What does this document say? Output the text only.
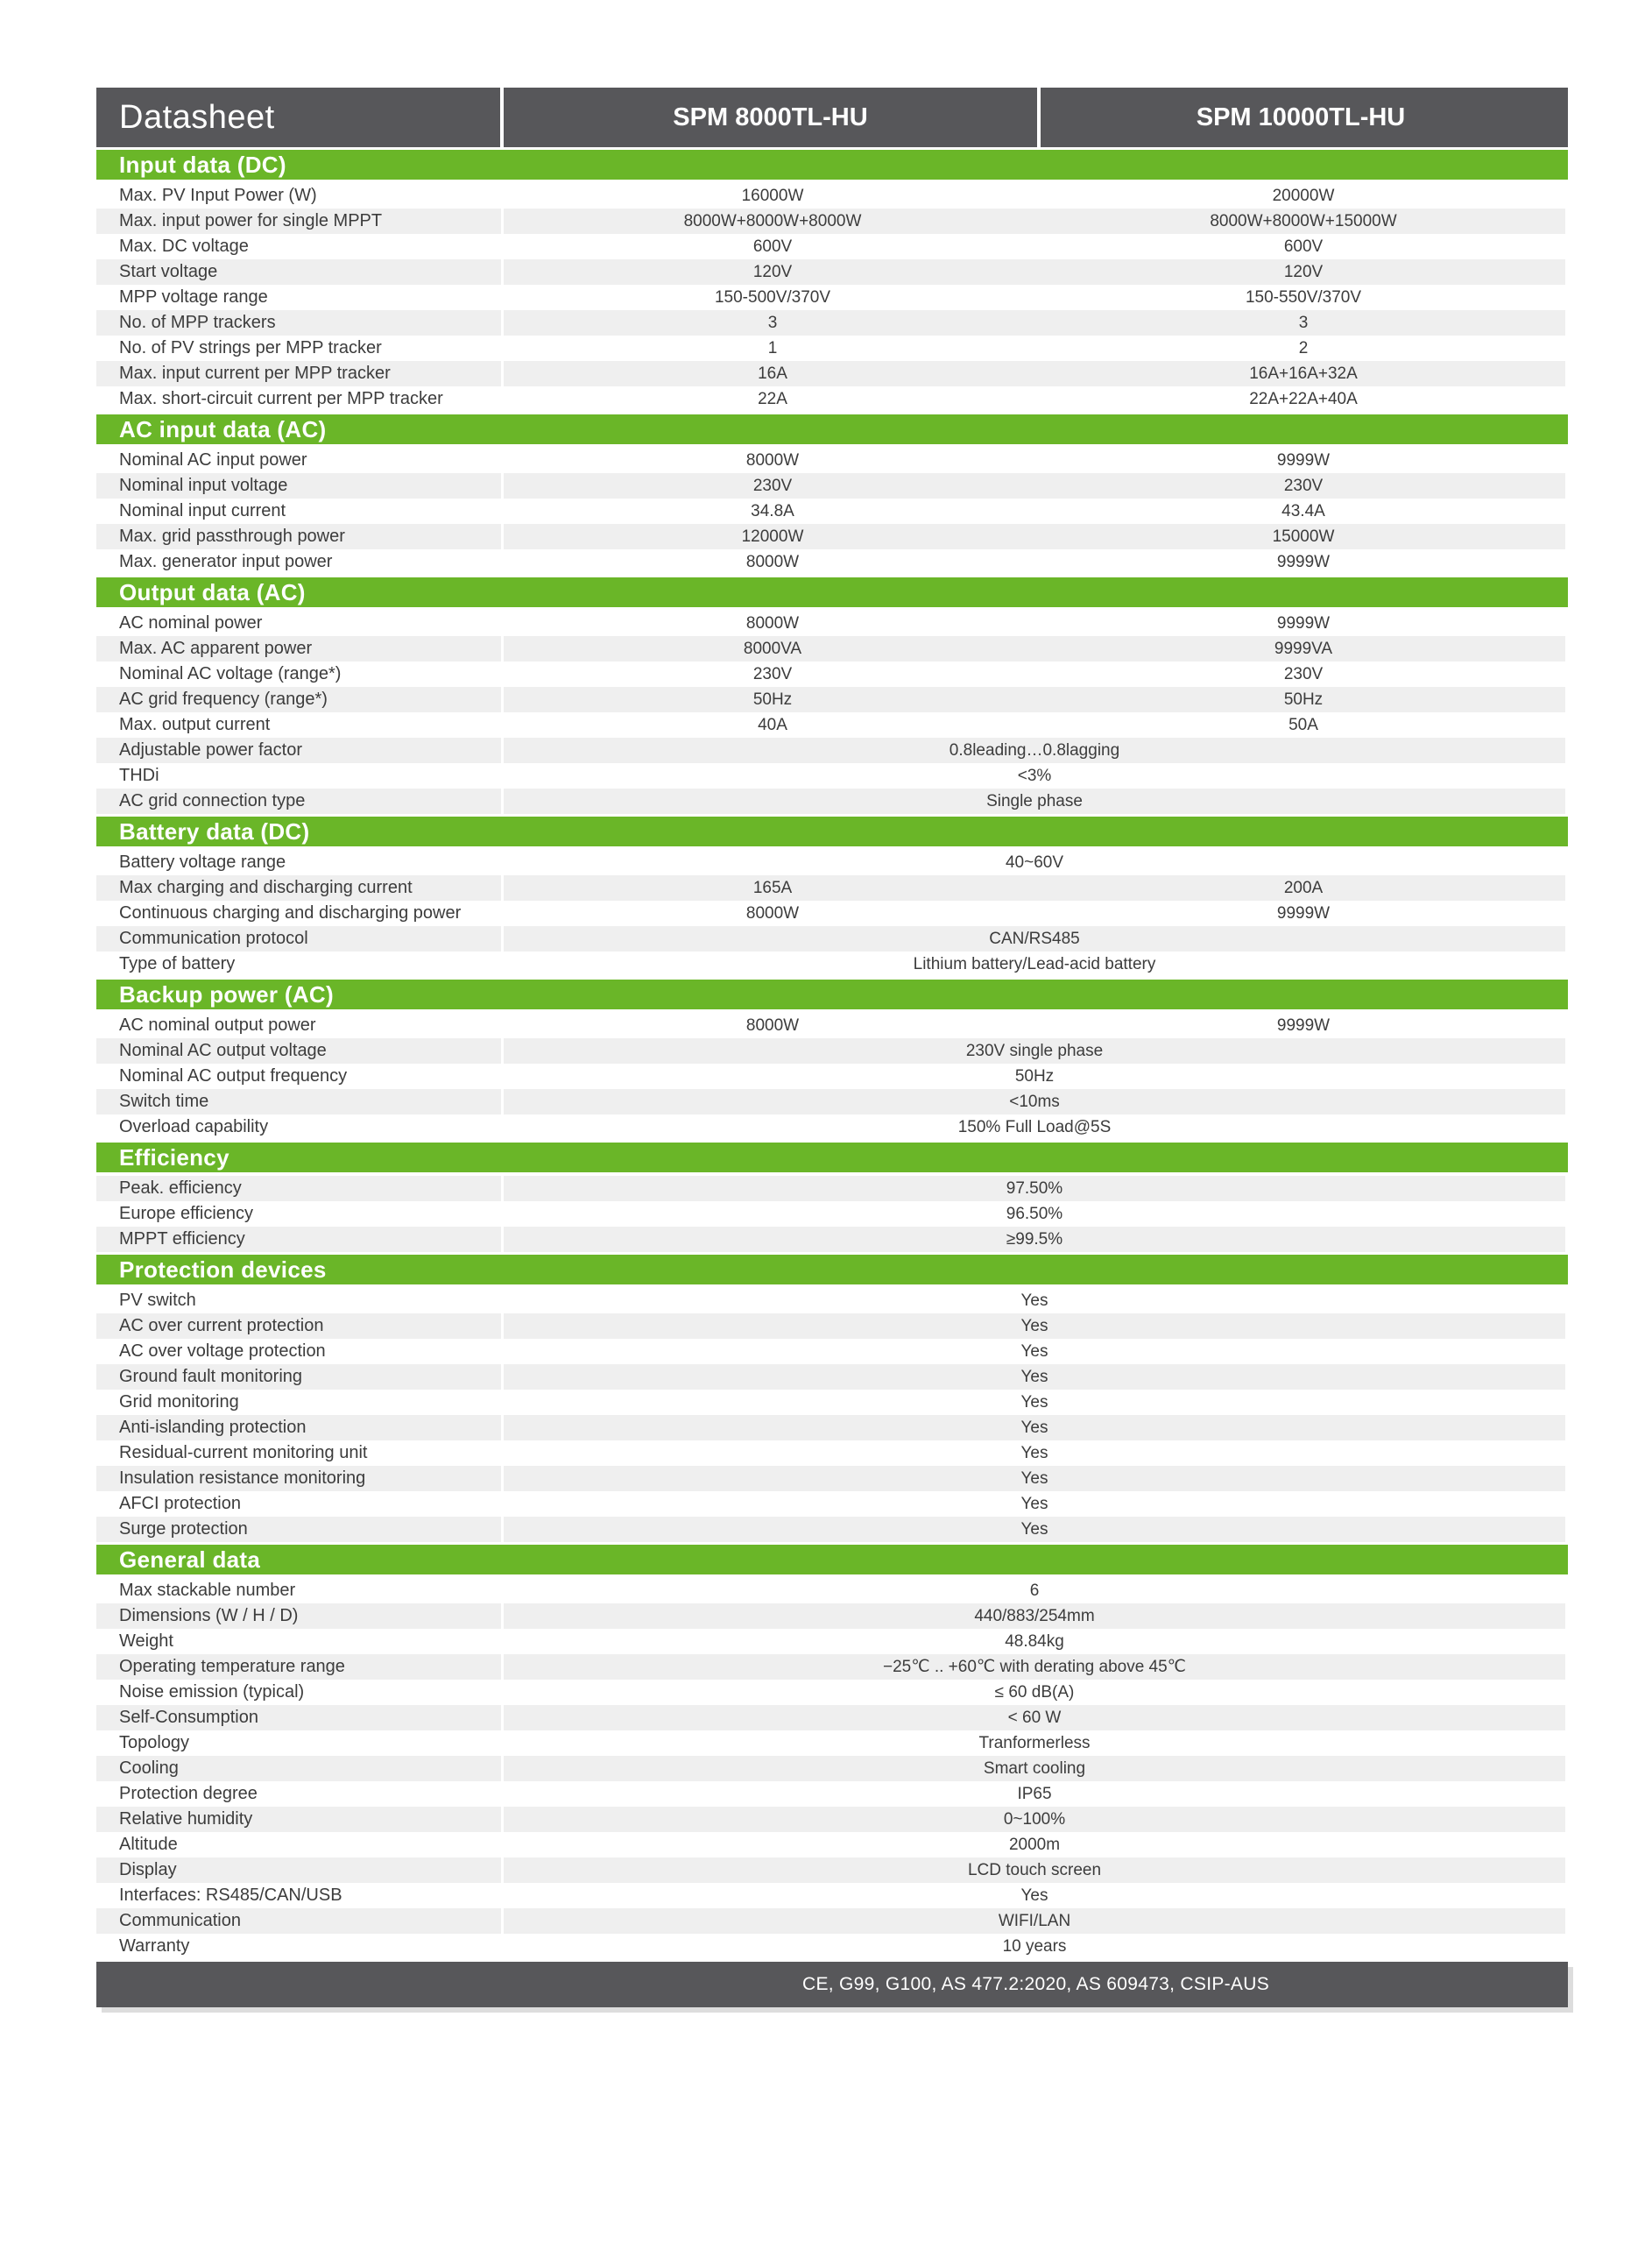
Datasheet	SPM 8000TL-HU	SPM 10000TL-HU
Input data (DC)
Max. PV Input Power (W)	16000W	20000W
Max. input power for single MPPT	8000W+8000W+8000W	8000W+8000W+15000W
Max. DC voltage	600V	600V
Start voltage	120V	120V
MPP voltage range	150-500V/370V	150-550V/370V
No. of MPP trackers	3	3
No. of PV strings per MPP tracker	1	2
Max. input current per MPP tracker	16A	16A+16A+32A
Max. short-circuit current per MPP tracker	22A	22A+22A+40A
AC input data (AC)
Nominal AC input power	8000W	9999W
Nominal input voltage	230V	230V
Nominal input current	34.8A	43.4A
Max. grid passthrough power	12000W	15000W
Max. generator input power	8000W	9999W
Output data (AC)
AC nominal power	8000W	9999W
Max. AC apparent power	8000VA	9999VA
Nominal AC voltage (range*)	230V	230V
AC grid frequency (range*)	50Hz	50Hz
Max. output current	40A	50A
Adjustable power factor	0.8leading…0.8lagging
THDi	<3%
AC grid connection type	Single phase
Battery data (DC)
Battery voltage range	40~60V
Max charging and discharging current	165A	200A
Continuous charging and discharging power	8000W	9999W
Communication protocol	CAN/RS485
Type of battery	Lithium battery/Lead-acid battery
Backup power (AC)
AC nominal output power	8000W	9999W
Nominal AC output voltage	230V single phase
Nominal AC output frequency	50Hz
Switch time	<10ms
Overload capability	150% Full Load@5S
Efficiency
Peak. efficiency	97.50%
Europe efficiency	96.50%
MPPT efficiency	≥99.5%
Protection devices
PV switch	Yes
AC over current protection	Yes
AC over voltage protection	Yes
Ground fault monitoring	Yes
Grid monitoring	Yes
Anti-islanding protection	Yes
Residual-current monitoring unit	Yes
Insulation resistance monitoring	Yes
AFCI protection	Yes
Surge protection	Yes
General data
Max stackable number	6
Dimensions (W / H / D)	440/883/254mm
Weight	48.84kg
Operating temperature range	−25℃ .. +60℃ with derating above 45℃
Noise emission (typical)	≤ 60 dB(A)
Self-Consumption	< 60 W
Topology	Tranformerless
Cooling	Smart cooling
Protection degree	IP65
Relative humidity	0~100%
Altitude	2000m
Display	LCD touch screen
Interfaces: RS485/CAN/USB	Yes
Communication	WIFI/LAN
Warranty	10 years
CE, G99, G100, AS 477.2:2020, AS 609473, CSIP-AUS
